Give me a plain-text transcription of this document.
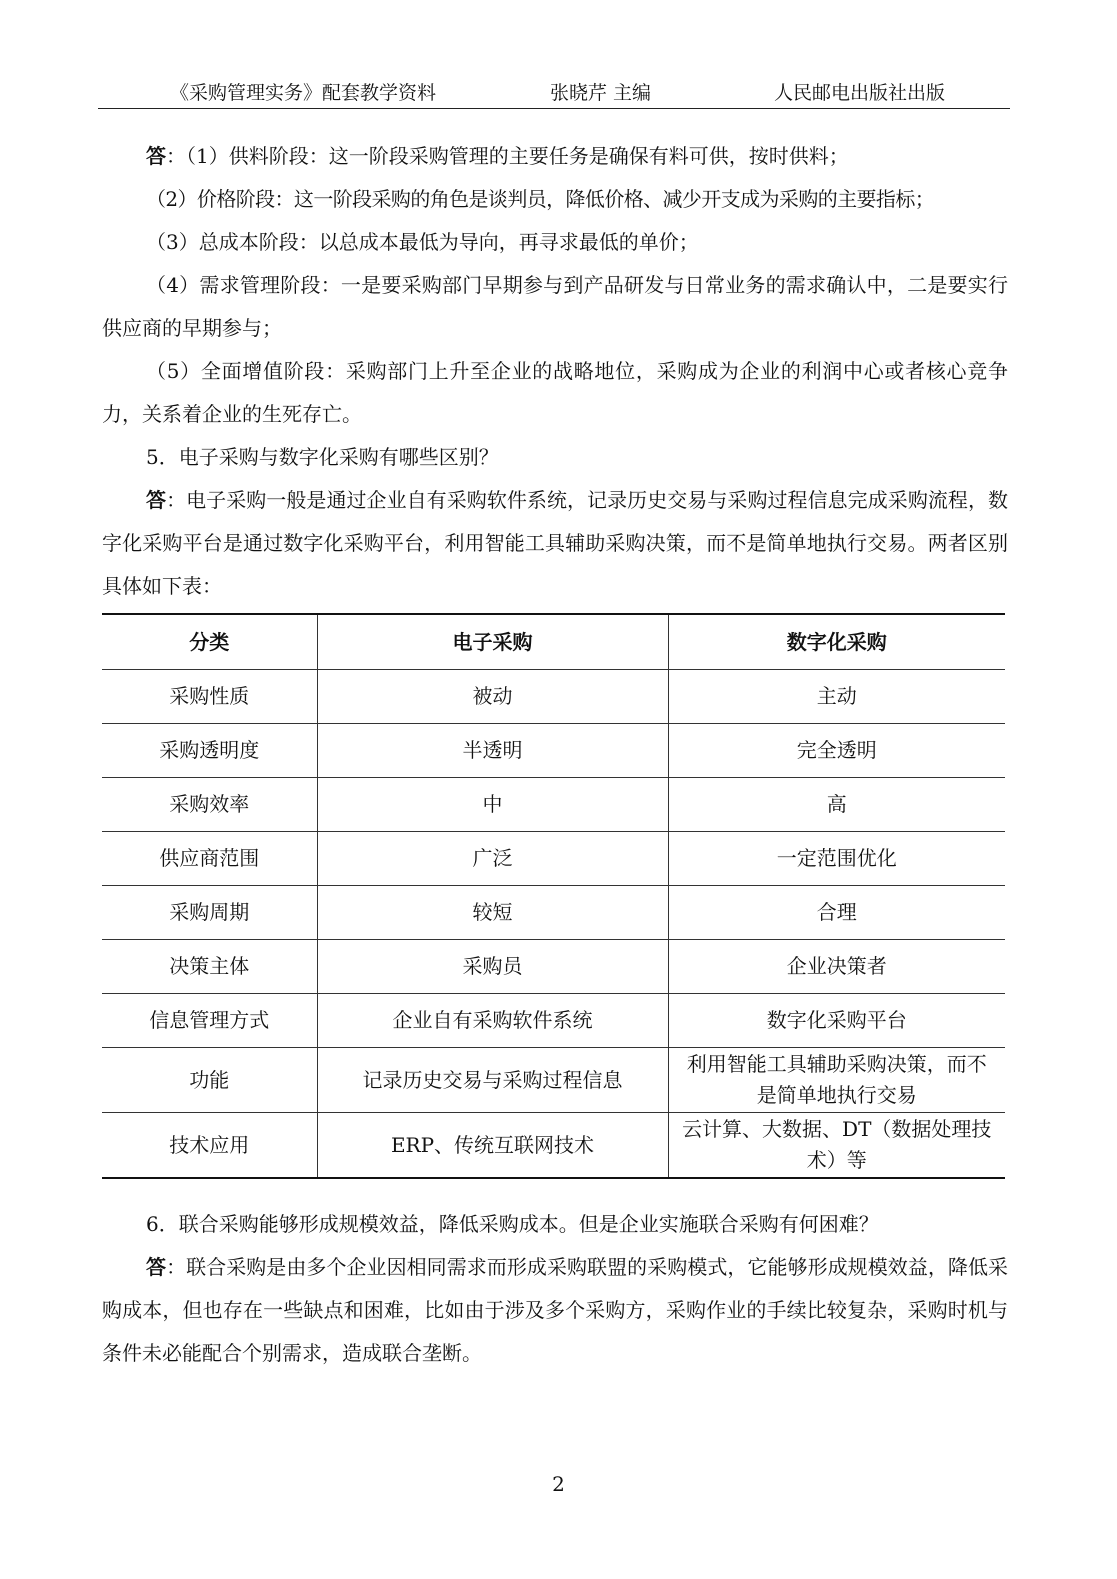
《采购管理实务》配套教学资料	张晓芹 主编	人民邮电出版社出版

答：（1）供料阶段：这一阶段采购管理的主要任务是确保有料可供，按时供料；

（2）价格阶段：这一阶段采购的角色是谈判员，降低价格、减少开支成为采购的主要指标；

（3）总成本阶段：以总成本最低为导向，再寻求最低的单价；

（4）需求管理阶段：一是要采购部门早期参与到产品研发与日常业务的需求确认中，二是要实行供应商的早期参与；

（5）全面增值阶段：采购部门上升至企业的战略地位，采购成为企业的利润中心或者核心竞争力，关系着企业的生死存亡。

5．电子采购与数字化采购有哪些区别？

答：电子采购一般是通过企业自有采购软件系统，记录历史交易与采购过程信息完成采购流程，数字化采购平台是通过数字化采购平台，利用智能工具辅助采购决策，而不是简单地执行交易。两者区别具体如下表：

分类	电子采购	数字化采购
采购性质	被动	主动
采购透明度	半透明	完全透明
采购效率	中	高
供应商范围	广泛	一定范围优化
采购周期	较短	合理
决策主体	采购员	企业决策者
信息管理方式	企业自有采购软件系统	数字化采购平台
功能	记录历史交易与采购过程信息	利用智能工具辅助采购决策，而不是简单地执行交易
技术应用	ERP、传统互联网技术	云计算、大数据、DT（数据处理技术）等

6．联合采购能够形成规模效益，降低采购成本。但是企业实施联合采购有何困难？

答：联合采购是由多个企业因相同需求而形成采购联盟的采购模式，它能够形成规模效益，降低采购成本，但也存在一些缺点和困难，比如由于涉及多个采购方，采购作业的手续比较复杂，采购时机与条件未必能配合个别需求，造成联合垄断。

2
